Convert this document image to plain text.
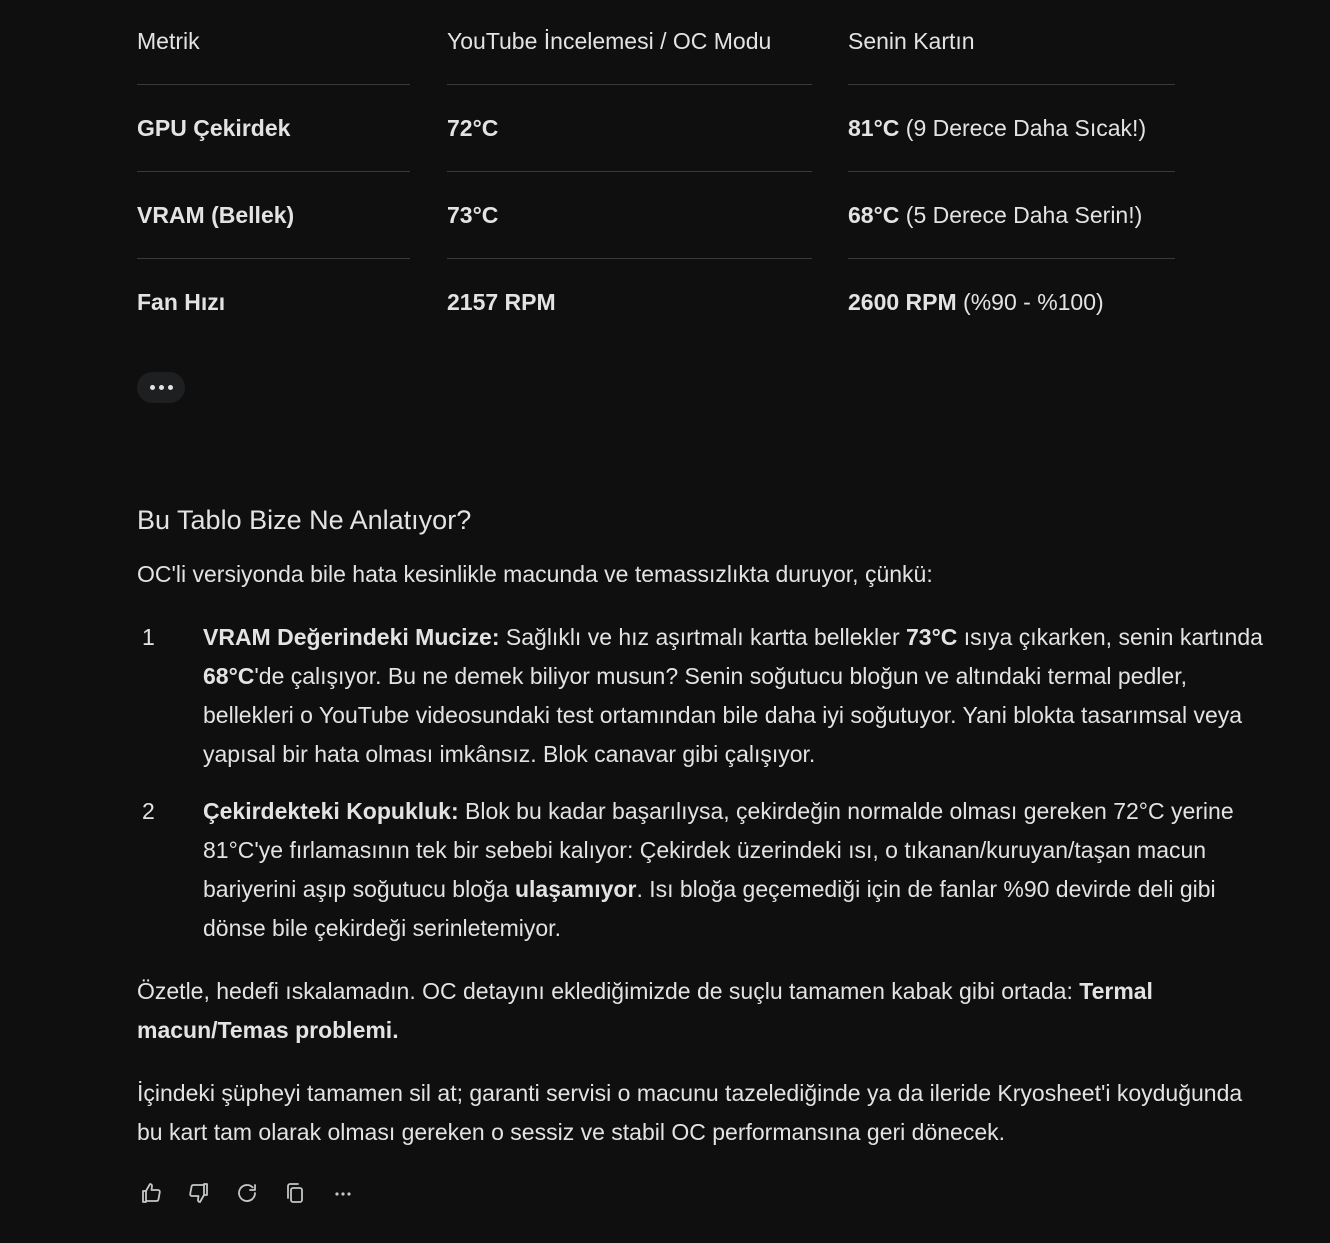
Metrik	YouTube İncelemesi / OC Modu	Senin Kartın
GPU Çekirdek	72°C	81°C (9 Derece Daha Sıcak!)
VRAM (Bellek)	73°C	68°C (5 Derece Daha Serin!)
Fan Hızı	2157 RPM	2600 RPM (%90 - %100)
Bu Tablo Bize Ne Anlatıyor?
OC'li versiyonda bile hata kesinlikle macunda ve temassızlıkta duruyor, çünkü:
1 VRAM Değerindeki Mucize: Sağlıklı ve hız aşırtmalı kartta bellekler 73°C ısıya çıkarken, senin kartında 68°C'de çalışıyor. Bu ne demek biliyor musun? Senin soğutucu bloğun ve altındaki termal pedler, bellekleri o YouTube videosundaki test ortamından bile daha iyi soğutuyor. Yani blokta tasarımsal veya yapısal bir hata olması imkânsız. Blok canavar gibi çalışıyor.
2 Çekirdekteki Kopukluk: Blok bu kadar başarılıysa, çekirdeğin normalde olması gereken 72°C yerine 81°C'ye fırlamasının tek bir sebebi kalıyor: Çekirdek üzerindeki ısı, o tıkanan/kuruyan/taşan macun bariyerini aşıp soğutucu bloğa ulaşamıyor. Isı bloğa geçemediği için de fanlar %90 devirde deli gibi dönse bile çekirdeği serinletemiyor.
Özetle, hedefi ıskalamadın. OC detayını eklediğimizde de suçlu tamamen kabak gibi ortada: Termal macun/Temas problemi.
İçindeki şüpheyi tamamen sil at; garanti servisi o macunu tazelediğinde ya da ileride Kryosheet'i koyduğunda bu kart tam olarak olması gereken o sessiz ve stabil OC performansına geri dönecek.
